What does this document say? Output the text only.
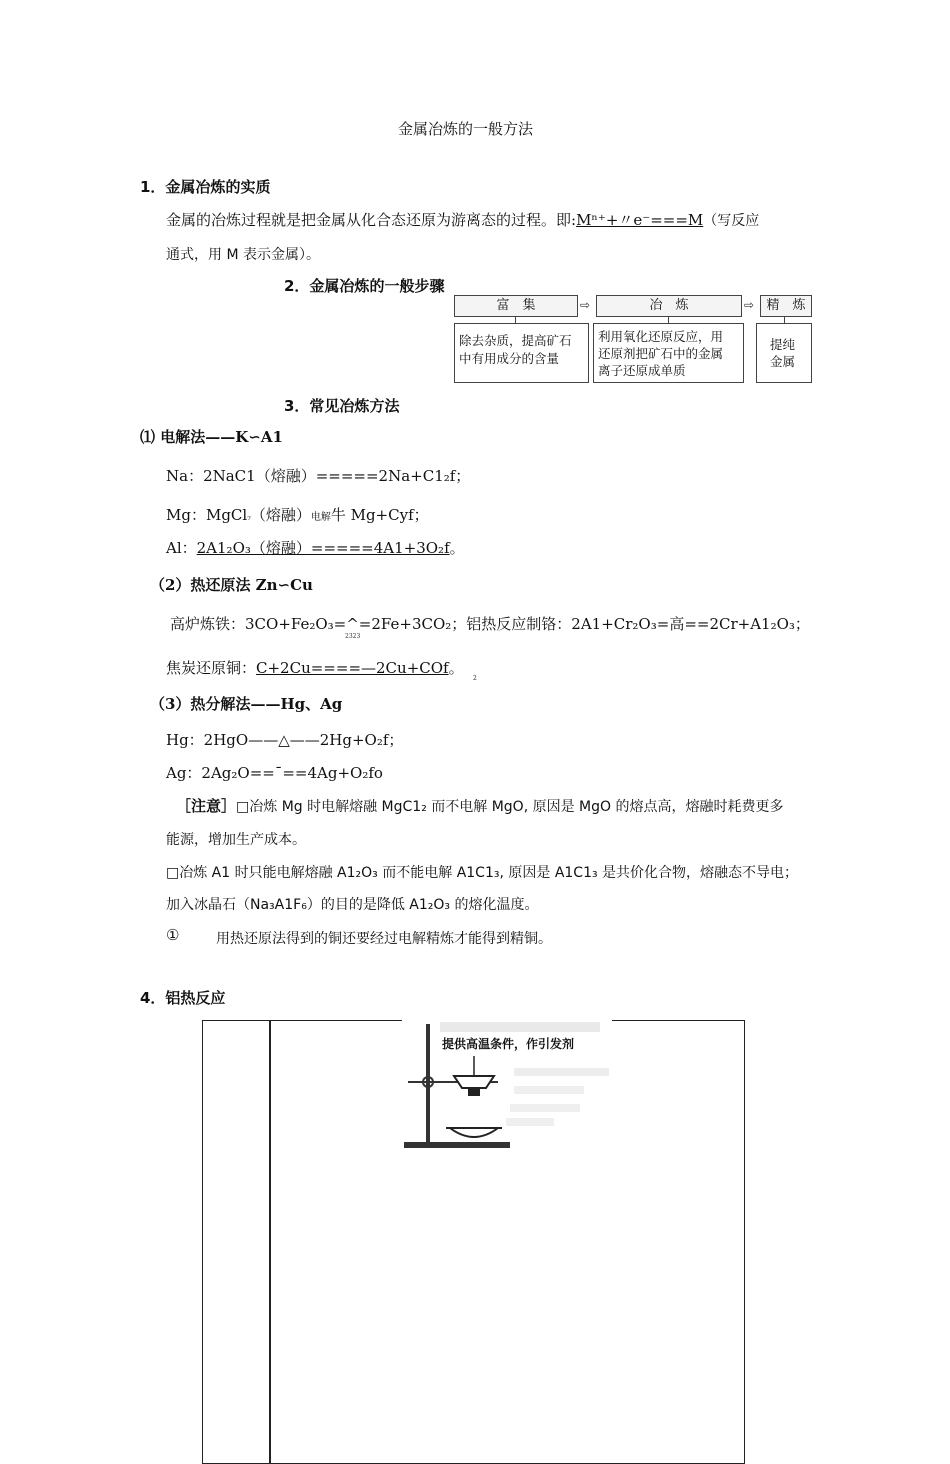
金属冶炼的一般方法
1．金属冶炼的实质
金属的冶炼过程就是把金属从化合态还原为游离态的过程。即:Mⁿ⁺+〃e⁻===M（写反应
通式，用 M 表示金属）。
2．金属冶炼的一般步骤
富　集	⇨	冶　炼	⇨ 精　炼
除去杂质，提高矿石
中有用成分的含量
利用氧化还原反应，用
还原剂把矿石中的金属
离子还原成单质
提纯
金属
3．常见冶炼方法
⑴ 电解法——K∽A1
Na：2NaC1（熔融）=====2Na+C1₂f；
Mg：MgCl₇（熔融）电解牛 Mg+Cyf；
Al：2A1₂O₃（熔融）=====4A1+3O₂f。
（2）热还原法 Zn∽Cu
高炉炼铁：3CO+Fe₂O₃=^=2Fe+3CO₂；铝热反应制铬：2A1+Cr₂O₃=高==2Cr+A1₂O₃；
2323
焦炭还原铜：C+2Cu====—2Cu+COf。
2
（3）热分解法——Hg、Ag
Hg：2HgO——△——2Hg+O₂f；
Ag：2Ag₂O==¯==4Ag+O₂fo
［注意］□冶炼 Mg 时电解熔融 MgC1₂ 而不电解 MgO, 原因是 MgO 的熔点高，熔融时耗费更多
能源，增加生产成本。
□冶炼 A1 时只能电解熔融 A1₂O₃ 而不能电解 A1C1₃, 原因是 A1C1₃ 是共价化合物，熔融态不导电；
加入冰晶石（Na₃A1F₆）的目的是降低 A1₂O₃ 的熔化温度。
①	用热还原法得到的铜还要经过电解精炼才能得到精铜。
4．铝热反应
提供高温条件，作引发剂
